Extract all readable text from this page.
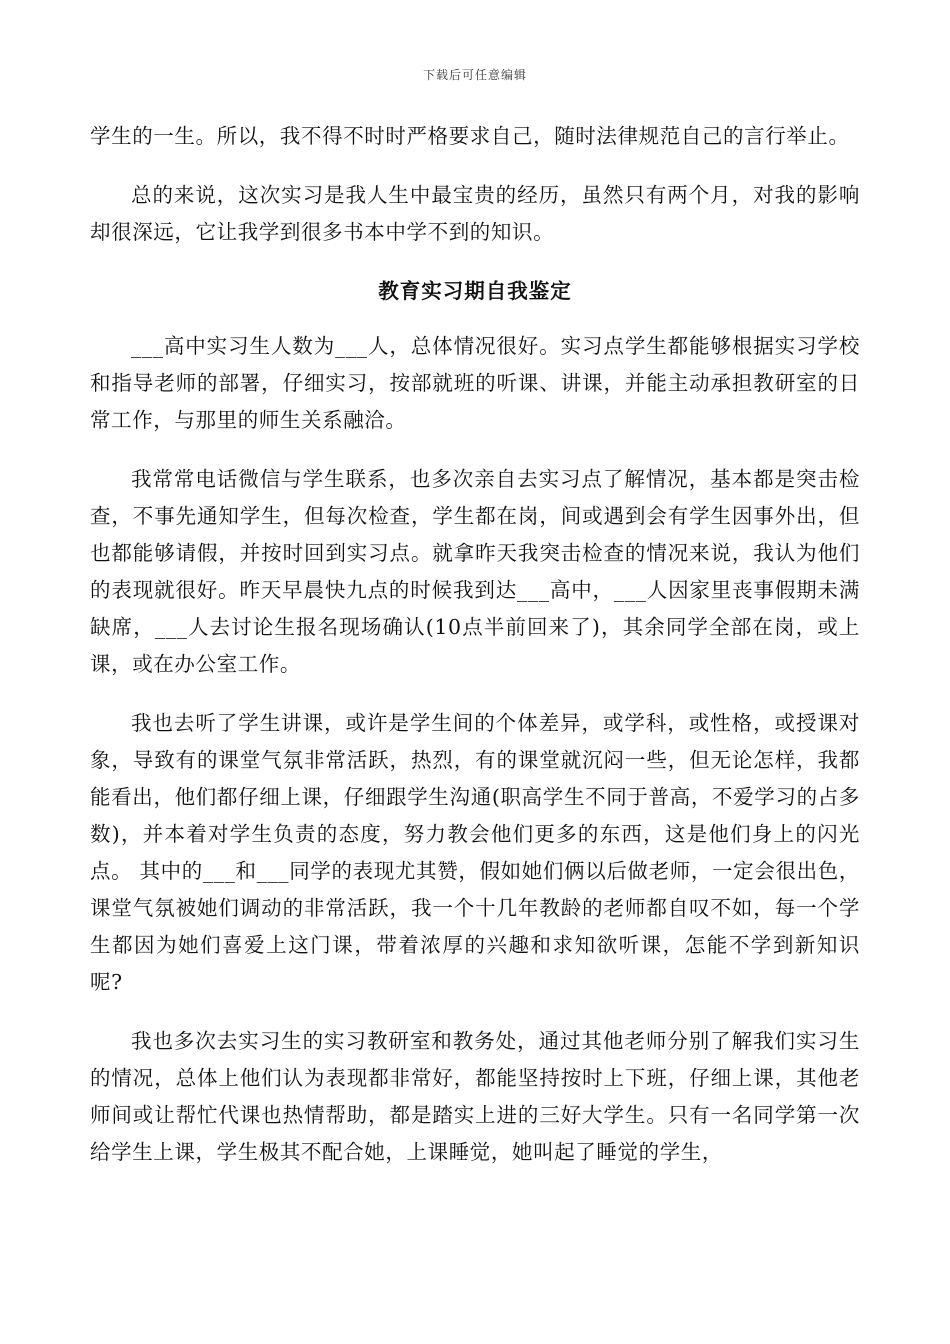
下载后可任意编辑

学生的一生。所以，我不得不时时严格要求自己，随时法律规范自己的言行举止。

总的来说，这次实习是我人生中最宝贵的经历，虽然只有两个月，对我的影响却很深远，它让我学到很多书本中学不到的知识。

教育实习期自我鉴定

___高中实习生人数为___人，总体情况很好。实习点学生都能够根据实习学校和指导老师的部署，仔细实习，按部就班的听课、讲课，并能主动承担教研室的日常工作，与那里的师生关系融洽。

我常常电话微信与学生联系，也多次亲自去实习点了解情况，基本都是突击检查，不事先通知学生，但每次检查，学生都在岗，间或遇到会有学生因事外出，但也都能够请假，并按时回到实习点。就拿昨天我突击检查的情况来说，我认为他们的表现就很好。昨天早晨快九点的时候我到达___高中，___人因家里丧事假期未满缺席，___人去讨论生报名现场确认(10点半前回来了)，其余同学全部在岗，或上课，或在办公室工作。

我也去听了学生讲课，或许是学生间的个体差异，或学科，或性格，或授课对象，导致有的课堂气氛非常活跃，热烈，有的课堂就沉闷一些，但无论怎样，我都能看出，他们都仔细上课，仔细跟学生沟通(职高学生不同于普高，不爱学习的占多数)，并本着对学生负责的态度，努力教会他们更多的东西，这是他们身上的闪光点。 其中的___和___同学的表现尤其赞，假如她们俩以后做老师，一定会很出色，课堂气氛被她们调动的非常活跃，我一个十几年教龄的老师都自叹不如，每一个学生都因为她们喜爱上这门课，带着浓厚的兴趣和求知欲听课，怎能不学到新知识呢?

我也多次去实习生的实习教研室和教务处，通过其他老师分别了解我们实习生的情况，总体上他们认为表现都非常好，都能坚持按时上下班，仔细上课，其他老师间或让帮忙代课也热情帮助，都是踏实上进的三好大学生。只有一名同学第一次给学生上课，学生极其不配合她，上课睡觉，她叫起了睡觉的学生，
